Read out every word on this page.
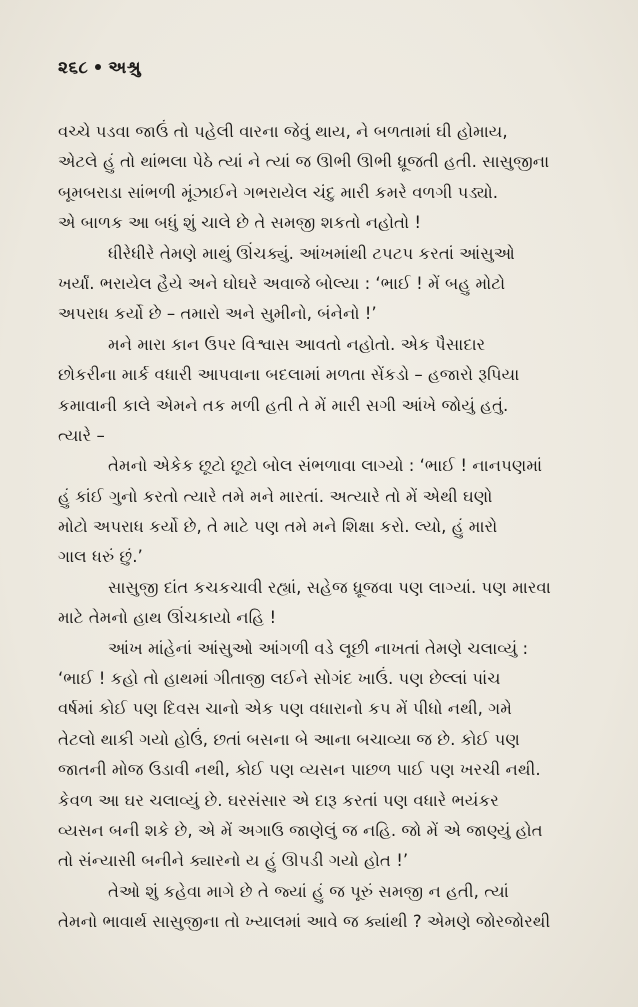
૨૬૮ અશ્રુ
વચ્ચે પડવા જાઉં તો પહેલી વારના જેવું થાય, ને બળતામાં ઘી હોમાય,
એટલે હું તો થાંભલા પેઠે ત્યાં ને ત્યાં જ ઊભી ઊભી ધ્રૂજતી હતી. સાસુજીના
બૂમબરાડા સાંભળી મૂંઝાઈને ગભરાયેલ ચંદુ મારી કમરે વળગી પડ્યો.
એ બાળક આ બધું શું ચાલે છે તે સમજી શકતો નહોતો !
ધીરેધીરે તેમણે માથું ઊંચક્યું. આંખમાંથી ટપટપ કરતાં આંસુઓ
ખર્યાં. ભરાયેલ હૈયે અને ઘોઘરે અવાજે બોલ્યા : ‘ભાઈ ! મેં બહુ મોટો
અપરાધ કર્યો છે – તમારો અને સુમીનો, બંનેનો !’
મને મારા કાન ઉપર વિશ્વાસ આવતો નહોતો. એક પૈસાદાર
છોકરીના માર્ક વધારી આપવાના બદલામાં મળતા સેંકડો – હજારો રૂપિયા
કમાવાની કાલે એમને તક મળી હતી તે મેં મારી સગી આંખે જોયું હતું.
ત્યારે –
તેમનો એકેક છૂટો છૂટો બોલ સંભળાવા લાગ્યો : ‘ભાઈ ! નાનપણમાં
હું કાંઈ ગુનો કરતો ત્યારે તમે મને મારતાં. અત્યારે તો મેં એથી ઘણો
મોટો અપરાધ કર્યો છે, તે માટે પણ તમે મને શિક્ષા કરો. લ્યો, હું મારો
ગાલ ધરું છું.’
સાસુજી દાંત કચકચાવી રહ્યાં, સહેજ ધ્રૂજવા પણ લાગ્યાં. પણ મારવા
માટે તેમનો હાથ ઊંચકાયો નહિ !
આંખ માંહેનાં આંસુઓ આંગળી વડે લૂછી નાખતાં તેમણે ચલાવ્યું :
‘ભાઈ ! કહો તો હાથમાં ગીતાજી લઈને સોગંદ ખાઉં. પણ છેલ્લાં પાંચ
વર્ષમાં કોઈ પણ દિવસ ચાનો એક પણ વધારાનો કપ મેં પીધો નથી, ગમે
તેટલો થાકી ગયો હોઉં, છતાં બસના બે આના બચાવ્યા જ છે. કોઈ પણ
જાતની મોજ ઉડાવી નથી, કોઈ પણ વ્યસન પાછળ પાઈ પણ ખરચી નથી.
કેવળ આ ઘર ચલાવ્યું છે. ઘરસંસાર એ દારૂ કરતાં પણ વધારે ભયંકર
વ્યસન બની શકે છે, એ મેં અગાઉ જાણેલું જ નહિ. જો મેં એ જાણ્યું હોત
તો સંન્યાસી બનીને ક્યારનો ય હું ઊપડી ગયો હોત !’
તેઓ શું કહેવા માગે છે તે જ્યાં હું જ પૂરું સમજી ન હતી, ત્યાં
તેમનો ભાવાર્થ સાસુજીના તો ખ્યાલમાં આવે જ ક્યાંથી ? એમણે જોરજોરથી
